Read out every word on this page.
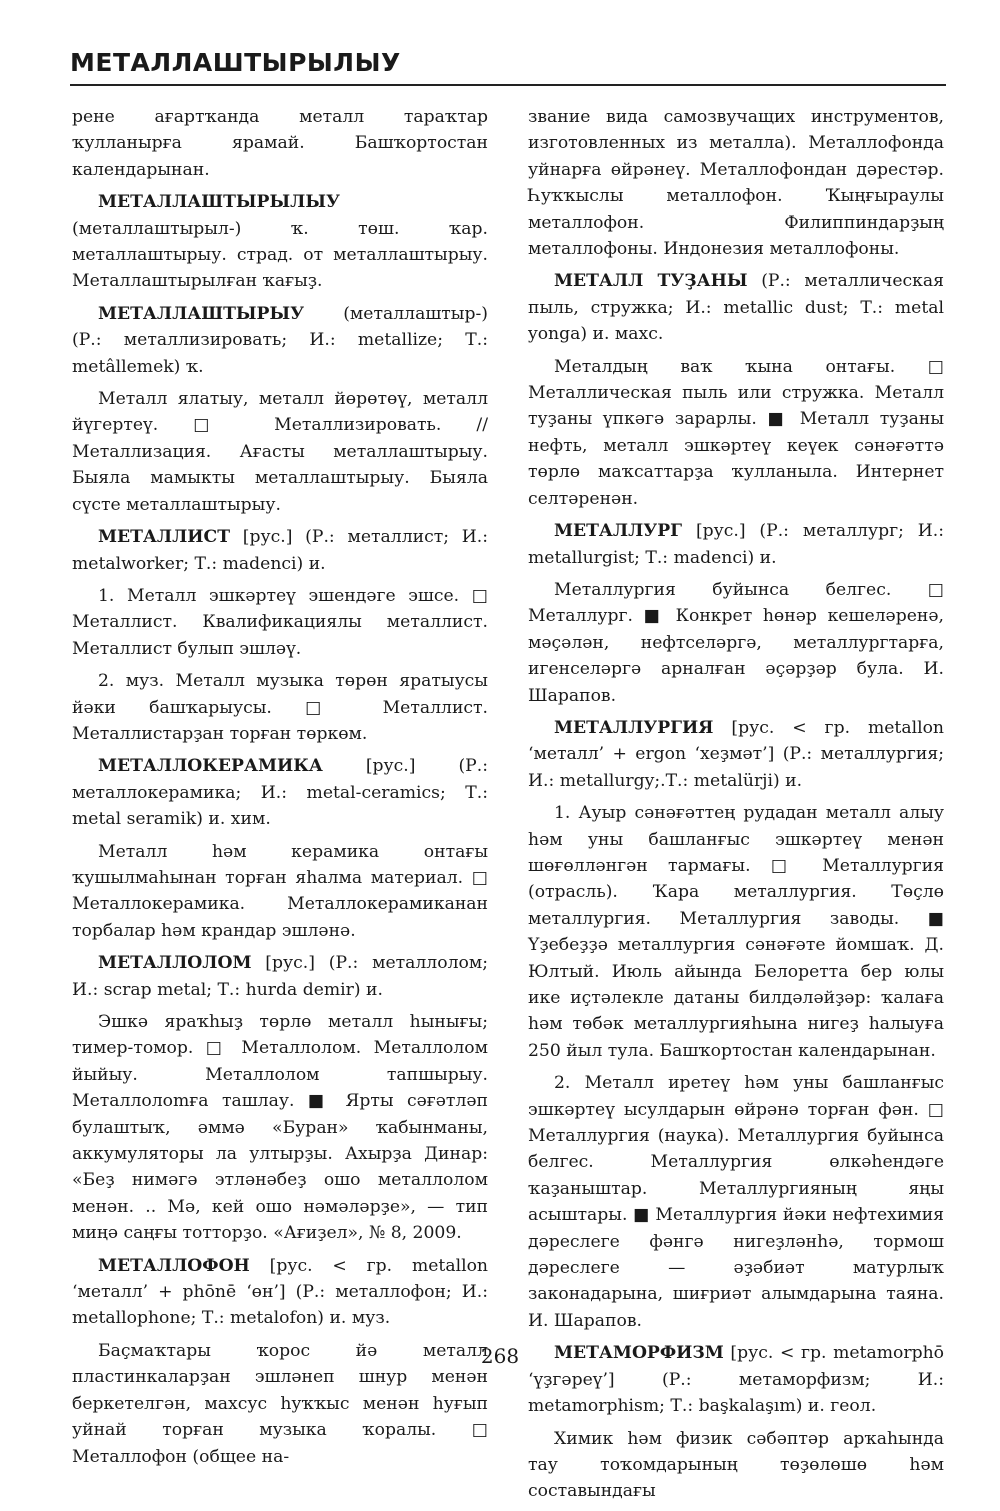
МЕТАЛЛАШТЫРЫЛЫУ

рене ағартҡанда металл тараҡтар ҡулланырға ярамай. Башҡортостан календарынан.

МЕТАЛЛАШТЫРЫЛЫУ (металлаштырыл-) ҡ. төш. ҡар. металлаштырыу. страд. от металлаштырыу. Металлаштырылған ҡағыҙ.

МЕТАЛЛАШТЫРЫУ (металлаштыр-) (Р.: металлизировать; И.: metallize; Т.: metâllemek) ҡ.

Металл ялатыу, металл йөрөтөү, металл йүгертеү. □ Металлизировать. // Металлизация. Ағасты металлаштырыу. Быяла мамыкты металлаштырыу. Быяла сүсте металлаштырыу.

МЕТАЛЛИСТ [рус.] (Р.: металлист; И.: metalworker; Т.: madenci) и.

1. Металл эшкәртеү эшендәге эшсе. □ Металлист. Квалификациялы металлист. Металлист булып эшләү.

2. муз. Металл музыка төрөн яратыусы йәки башҡарыусы. □ Металлист. Металлистарҙан торған төркөм.

МЕТАЛЛОКЕРАМИКА [рус.] (Р.: металлокерамика; И.: metal-ceramics; Т.: metal seramik) и. хим.

Металл һәм керамика онтағы ҡушылмаһынан торған яһалма материал. □ Металлокерамика. Металлокерамиканан торбалар һәм крандар эшләнә.

МЕТАЛЛОЛОМ [рус.] (Р.: металлолом; И.: scrap metal; Т.: hurda demir) и.

Эшкә яраҡһыҙ төрлө металл һынығы; тимер-томор. □ Металлолом. Металлолом йыйыу. Металлолом тапшырыу. Металлолomға ташлау. ■ Ярты сәғәтләп булаштыҡ, әммә «Буран» ҡабынманы, аккумуляторы ла ултырҙы. Ахырҙа Динар: «Беҙ нимәгә этләнәбеҙ ошо металлолом менән. .. Мә, кей ошо нәмәләрҙе», — тип миңә саңғы тотторҙо. «Ағиҙел», № 8, 2009.

МЕТАЛЛОФОН [рус. < гр. metallon ‘металл’ + phōnē ‘өн’] (Р.: металлофон; И.: metallophone; Т.: metalofon) и. муз.

Баҫмаҡтары ҡорос йә металл пластинкаларҙан эшләнеп шнур менән беркетелгән, махсус һуҡҡыс менән һуғып уйнай торған музыка ҡоралы. □ Металлофон (общее на-

звание вида самозвучащих инструментов, изготовленных из металла). Металлофонда уйнарға өйрәнеү. Металлофондан дәрестәр. Һуҡҡыслы металлофон. Ҡыңғыраулы металлофон. Филиппиндарҙың металлофоны. Индонезия металлофоны.

МЕТАЛЛ ТУҘАНЫ (Р.: металлическая пыль, стружка; И.: metallic dust; Т.: metal yonga) и. махс.

Металдың ваҡ ҡына онтағы. □ Металлическая пыль или стружка. Металл туҙаны үпкәгә зарарлы. ■ Металл туҙаны нефть, металл эшкәртеү кеүек сәнәғәттә төрлө маҡсаттарҙа ҡулланыла. Интернет селтәренән.

МЕТАЛЛУРГ [рус.] (Р.: металлург; И.: metallurgist; Т.: madenci) и.

Металлургия буйынса белгес. □ Металлург. ■ Конкрет һөнәр кешеләренә, мәҫәлән, нефтселәргә, металлургтарға, игенселәргә арналған әҫәрҙәр була. И. Шарапов.

МЕТАЛЛУРГИЯ [рус. < гр. metallon ‘металл’ + ergon ‘хеҙмәт’] (Р.: металлургия; И.: metallurgy;.Т.: metalürji) и.

1. Ауыр сәнәғәттең рудадан металл алыу һәм уны башланғыс эшкәртеү менән шөғөлләнгән тармағы. □ Металлургия (отрасль). Ҡара металлургия. Төҫлө металлургия. Металлургия заводы. ■ Үҙебеҙҙә металлургия сәнәғәте йомшаҡ. Д. Юлтый. Июль айында Белоретта бер юлы ике иҫтәлекле датаны билдәләйҙәр: ҡалаға һәм төбәк металлургияһына нигеҙ һалыуға 250 йыл тула. Башҡортостан календарынан.

2. Металл иретеү һәм уны башланғыс эшкәртеү ысулдарын өйрәнә торған фән. □ Металлургия (наука). Металлургия буйынса белгес. Металлургия өлкәһендәге ҡаҙаныштар. Металлургияның яңы асыштары. ■ Металлургия йәки нефтехимия дәреслеге фәнгә нигеҙләнһә, тормош дәреслеге — әҙәбиәт матурлыҡ законадарына, шиғриәт алымдарына таяна. И. Шарапов.

МЕТАМОРФИЗМ [рус. < гр. metamorphō ‘үҙгәреү’] (Р.: метаморфизм; И.: metamorphism; Т.: başkalaşım) и. геол.

Химик һәм физик сәбәптәр арҡаһында тау тоҡомдарының төҙөлөшө һәм составындағы

268
